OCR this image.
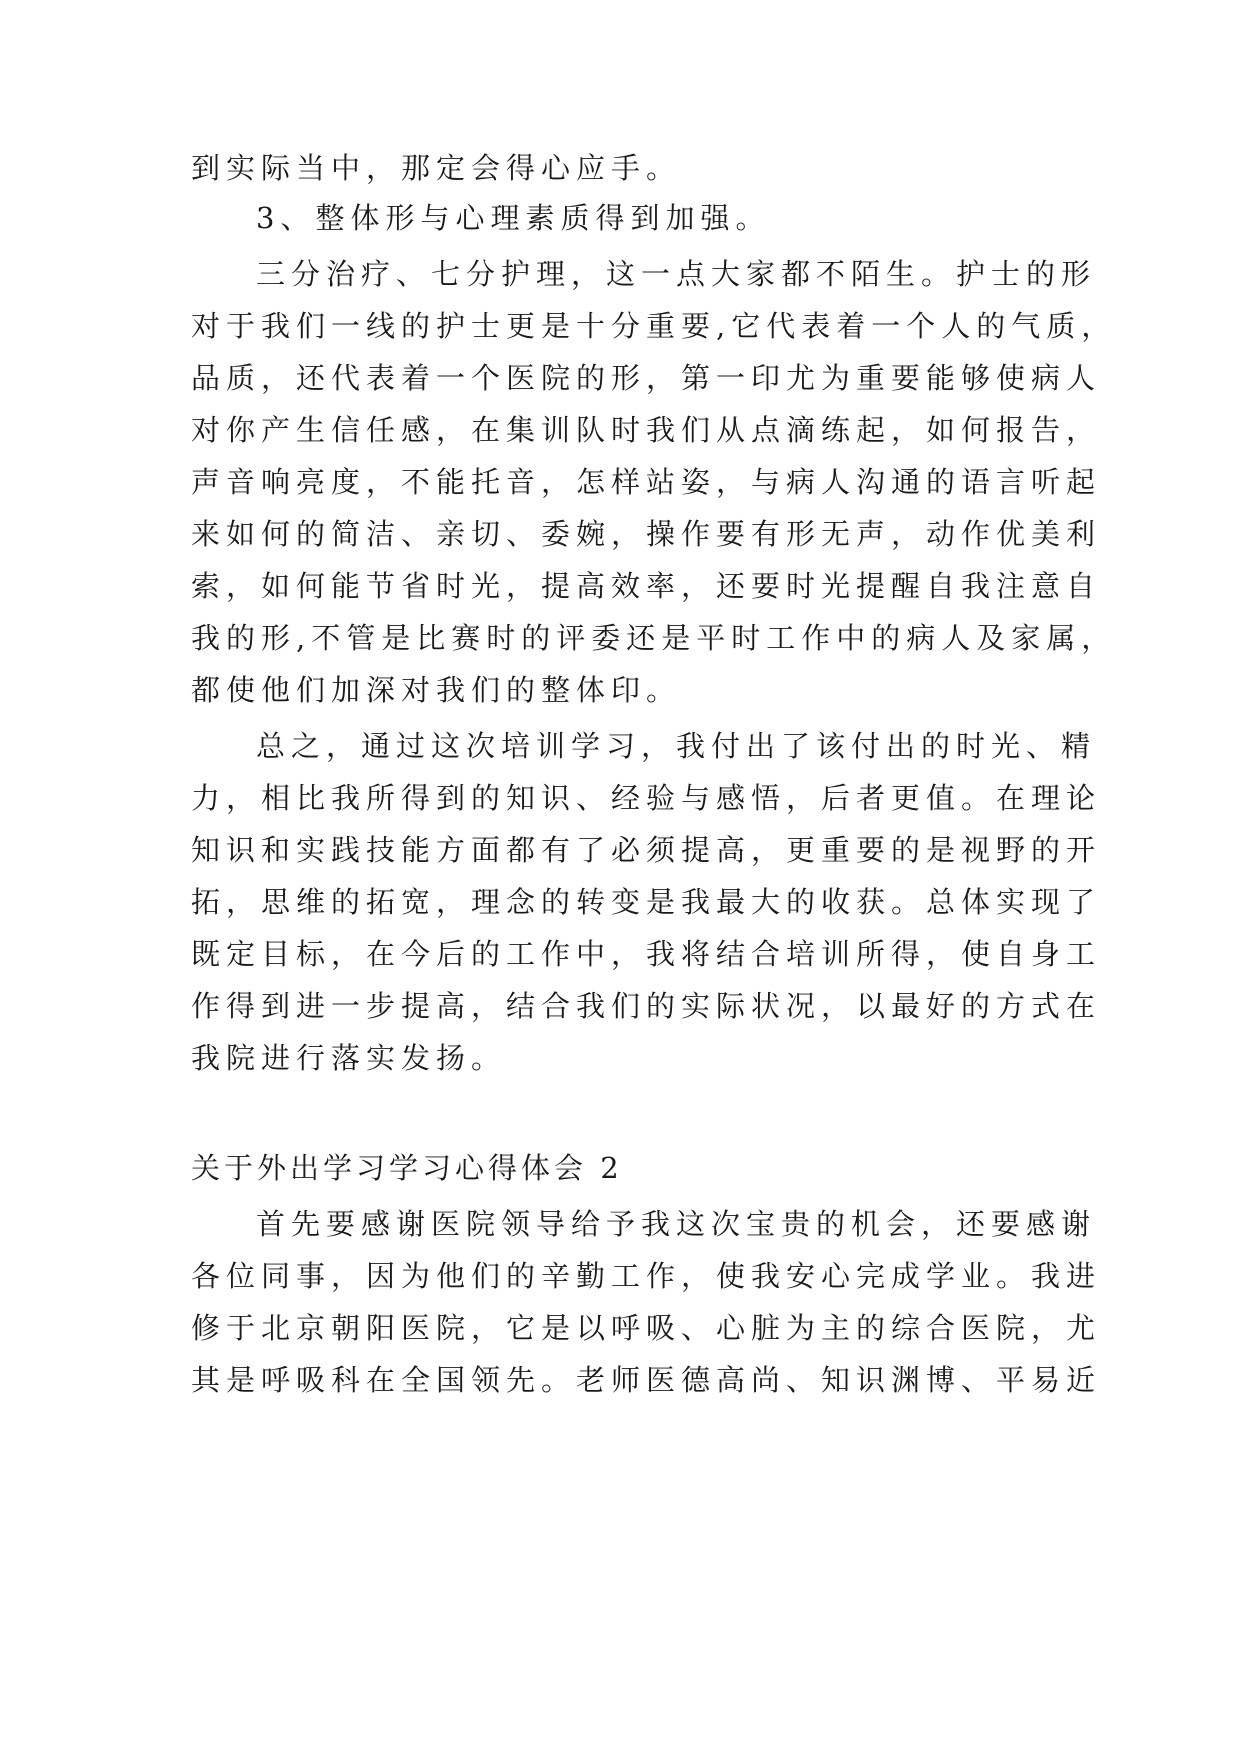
到实际当中，那定会得心应手。
3、整体形与心理素质得到加强。
三分治疗、七分护理，这一点大家都不陌生。护士的形
对于我们一线的护士更是十分重要,它代表着一个人的气质，
品质，还代表着一个医院的形，第一印尤为重要能够使病人
对你产生信任感，在集训队时我们从点滴练起，如何报告，
声音响亮度，不能托音，怎样站姿，与病人沟通的语言听起
来如何的简洁、亲切、委婉，操作要有形无声，动作优美利
索，如何能节省时光，提高效率，还要时光提醒自我注意自
我的形,不管是比赛时的评委还是平时工作中的病人及家属，
都使他们加深对我们的整体印。
总之，通过这次培训学习，我付出了该付出的时光、精
力，相比我所得到的知识、经验与感悟，后者更值。在理论
知识和实践技能方面都有了必须提高，更重要的是视野的开
拓，思维的拓宽，理念的转变是我最大的收获。总体实现了
既定目标，在今后的工作中，我将结合培训所得，使自身工
作得到进一步提高，结合我们的实际状况，以最好的方式在
我院进行落实发扬。
关于外出学习学习心得体会 2
首先要感谢医院领导给予我这次宝贵的机会，还要感谢
各位同事，因为他们的辛勤工作，使我安心完成学业。我进
修于北京朝阳医院，它是以呼吸、心脏为主的综合医院，尤
其是呼吸科在全国领先。老师医德高尚、知识渊博、平易近
